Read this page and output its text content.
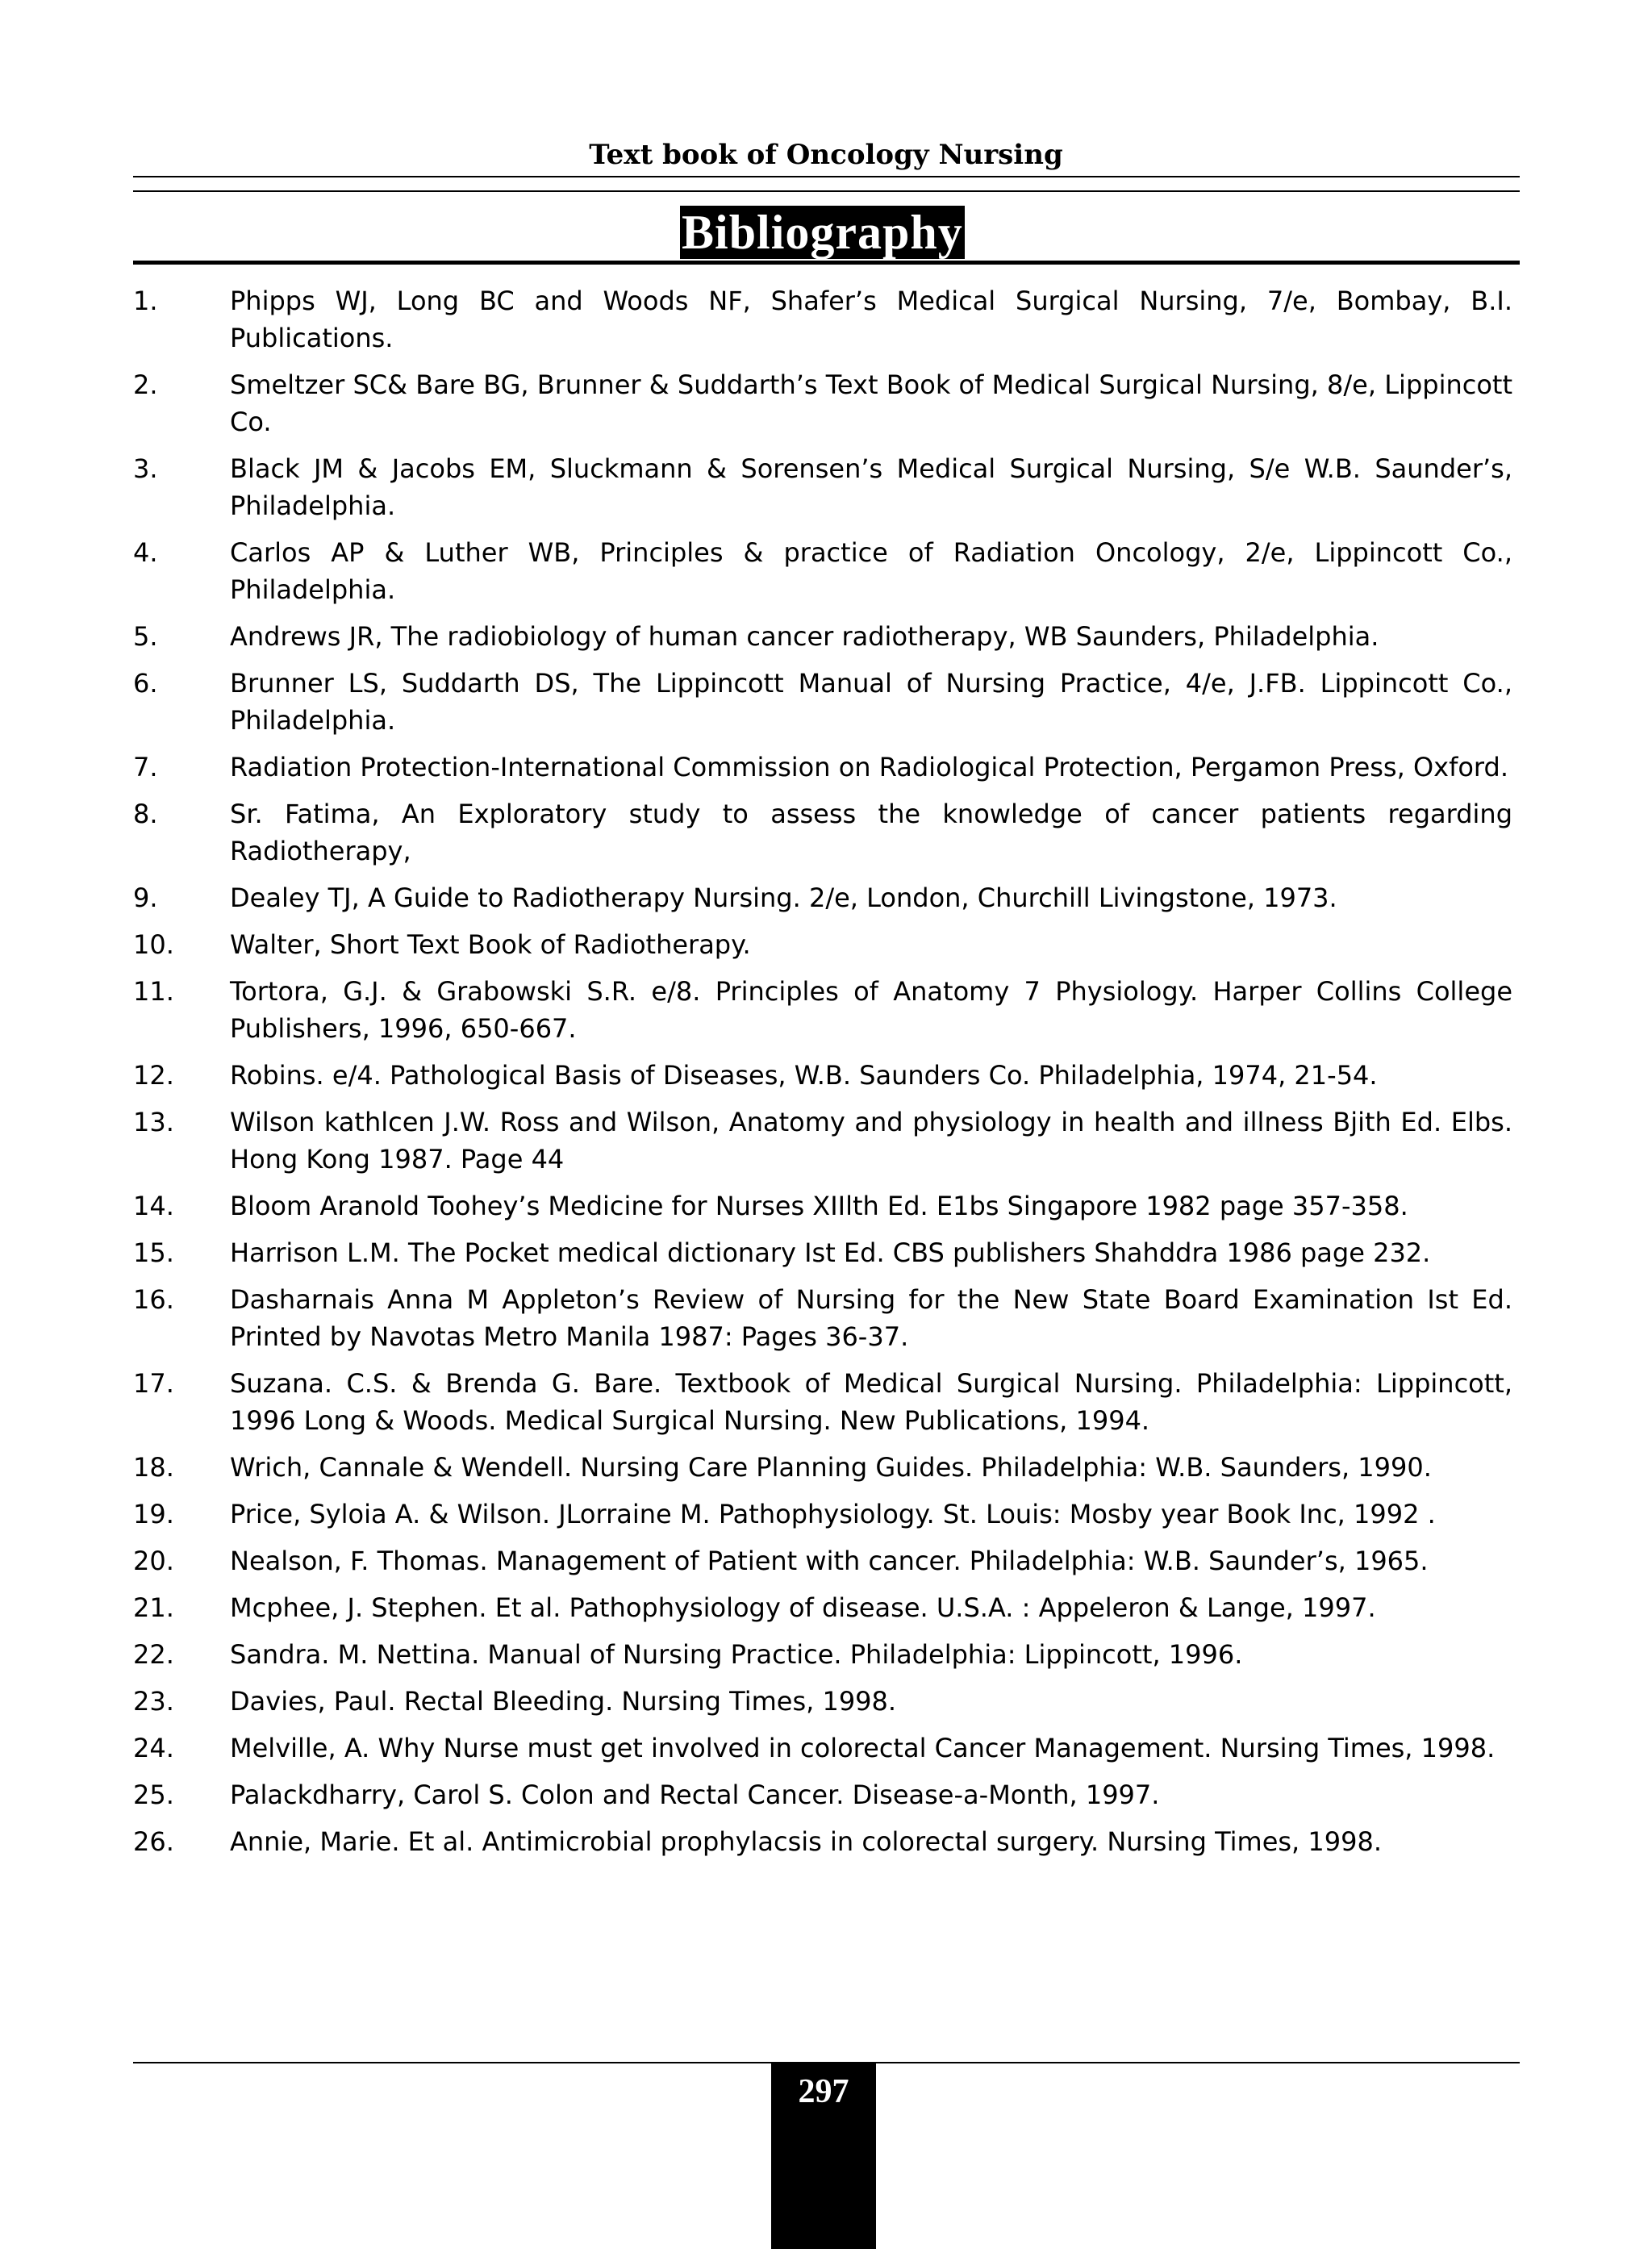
Text book of Oncology Nursing
Bibliography
1.	Phipps WJ, Long BC and Woods NF, Shafer’s Medical Surgical Nursing, 7/e, Bombay, B.I. Publications.
2.	Smeltzer SC& Bare BG, Brunner & Suddarth’s Text Book of Medical Surgical Nursing, 8/e, Lippincott Co.
3.	Black JM & Jacobs EM, Sluckmann & Sorensen’s Medical Surgical Nursing, S/e W.B. Saunder’s, Philadelphia.
4.	Carlos AP & Luther WB, Principles & practice of Radiation Oncology, 2/e, Lippincott Co., Philadelphia.
5.	Andrews JR, The radiobiology of human cancer radiotherapy, WB Saunders, Philadelphia.
6.	Brunner LS, Suddarth DS, The Lippincott Manual of Nursing Practice, 4/e, J.FB. Lippincott Co., Philadelphia.
7.	Radiation Protection-International Commission on Radiological Protection, Pergamon Press, Oxford.
8.	Sr. Fatima, An Exploratory study to assess the knowledge of cancer patients regarding Radiotherapy,
9.	Dealey TJ, A Guide to Radiotherapy Nursing. 2/e, London, Churchill Livingstone, 1973.
10.	Walter, Short Text Book of Radiotherapy.
11.	Tortora, G.J. & Grabowski S.R. e/8. Principles of Anatomy 7 Physiology. Harper Collins College Publishers, 1996, 650-667.
12.	Robins. e/4. Pathological Basis of Diseases, W.B. Saunders Co. Philadelphia, 1974, 21-54.
13.	Wilson kathlcen J.W. Ross and Wilson, Anatomy and physiology in health and illness Bjith Ed. Elbs. Hong Kong 1987. Page 44
14.	Bloom Aranold Toohey’s Medicine for Nurses XIIlth Ed. E1bs Singapore 1982 page 357-358.
15.	Harrison L.M. The Pocket medical dictionary Ist Ed. CBS publishers Shahddra 1986 page 232.
16.	Dasharnais Anna M Appleton’s Review of Nursing for the New State Board Examination Ist Ed. Printed by Navotas Metro Manila 1987: Pages 36-37.
17.	Suzana. C.S. & Brenda G. Bare. Textbook of Medical Surgical Nursing. Philadelphia: Lippincott, 1996 Long & Woods. Medical Surgical Nursing. New Publications, 1994.
18.	Wrich, Cannale & Wendell. Nursing Care Planning Guides. Philadelphia: W.B. Saunders, 1990.
19.	Price, Syloia A. & Wilson. JLorraine M. Pathophysiology. St. Louis: Mosby year Book Inc, 1992 .
20.	Nealson, F. Thomas. Management of Patient with cancer. Philadelphia: W.B. Saunder’s, 1965.
21.	Mcphee, J. Stephen. Et al. Pathophysiology of disease. U.S.A. : Appeleron & Lange, 1997.
22.	Sandra. M. Nettina. Manual of Nursing Practice. Philadelphia: Lippincott, 1996.
23.	Davies, Paul. Rectal Bleeding. Nursing Times, 1998.
24.	Melville, A. Why Nurse must get involved in colorectal Cancer Management. Nursing Times, 1998.
25.	Palackdharry, Carol S. Colon and Rectal Cancer. Disease-a-Month, 1997.
26.	Annie, Marie. Et al. Antimicrobial prophylacsis in colorectal surgery. Nursing Times, 1998.
297
